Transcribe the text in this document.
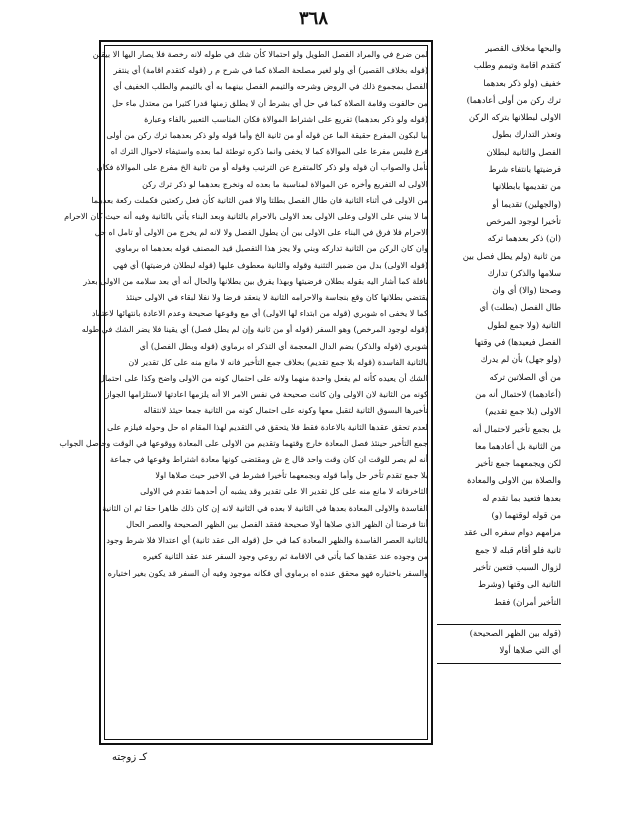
٣٦٨
لمن ضرع في والمراد الفصل الطويل ولو احتمالا كأن شك في طوله لانه رخصة فلا يصار اليها الا بيقين
(قوله بخلاف القصير) أي ولو لغير مصلحة الصلاة كما في شرح م ر (قوله كتقدم اقامة) أي ينتفر
الفصل بمجموع ذلك في الروض وشرحه والتيمم الفصل بينهما به أي بالتيمم والطلب الخفيف أي
من حالفوت وقامة الصلاة كما في حل أي بشرط أن لا يطلق زمنها قدرا كثيرا من معتدل ماء حل
(قوله ولو ذكر بعدهما) تفريع على اشتراط الموالاة فكان المناسب التعبير بالفاء وعبارة
بيا لبكون المفرع حقيقة الما عن قوله أو من ثانية الخ وأما قوله ولو ذكر بعدهما ترك ركن من أولى
فرع فليس مفرعا على الموالاة كما لا يخفى وانما ذكره توطئة لما بعده واستيفاء لاحوال الترك اه
تأمل والصواب أن قوله ولو ذكر كالمتفرع عن الترتيب وقوله أو من ثانية الخ مفرع على الموالاة فكان
الاولى له التفريع وأخره عن الموالاة لمناسبة ما بعده له ونخرج بعدهما لو ذكر ترك ركن
من الاولى في أثناء الثانية فان طال الفصل بطلتا والا فمن الثانية كأن فعل ركعتين فكملت ركعة بعدهما
ما لا يبني على الاولى وعلى الاولى بعد الاولى بالاحرام بالثانية وبعد البناء يأتي بالثانية وفيه أنه حيث كان الاحرام
الاحرام فلا فرق في البناء على الاولى بين أن يطول الفصل ولا لانه لم يخرج من الاولى أو تامل اه حل
وان كان الركن من الثانية تداركه وبني ولا يجز هذا التفصيل قيد المصنف قوله بعدهما اه برماوي
(قوله الاولى) بدل من ضمير التثنية وقوله والثانية معطوف عليها (قوله لبطلان فرضيتها) أي فهي
نافلة كما أشار اليه بقوله بطلان فرضيتها وبهذا يفرق بين بطلانها والحال أنه أي بعد سلامه من الاولى بعذر
يقتضي بطلانها كان وقع بنجاسة والاحرامه الثانية لا ينعقد فرضا ولا نفلا لبقاء في الاولى حينئذ
كما لا يخفى اه شوبري (قوله من ابتداء لها الاولى) أي مع وقوعها صحيحة وعدم الاعادة بانتهائها لاعتقاد
(قوله لوجود المرخص) وهو السفر (قوله أو من ثانية وإن لم يطل فصل) أي يقينا فلا يضر الشك في طوله
شوبري (قوله والذكر) بضم الدال المعجمة أي التذكر اه برماوي (قوله وبطل الفصل) أي
بالثانية الفاسدة (قوله بلا جمع تقديم) بخلاف جمع التأخير فانه لا مانع منه على كل تقدير لان
الشك أن يعيده كأنه لم يفعل واحدة منهما ولانه على احتمال كونه من الاولى واضح وكذا على احتمال
كونه من الثانية لان الاولى وان كانت صحيحة في نفس الامر الا أنه يلزمها اعادتها لاستلزامها الجواز
تأخيرها البسوق الثانية لتقبل معها وكونه على احتمال كونه من الثانية جمعا حيئذ لانتقاله
لعدم تحقق عقدها الثانية بالاعادة فقط فلا يتحقق في التقديم لهذا المقام اه حل وحوله فيلزم على
جمع التأخير حينئذ فصل المعادة خارج وقتهما وتقديم من الاولى على المعادة ووقوعها في الوقت وحاصل الجواب
أنه لم يصر للوقت ان كان وقت واحد قال ع ش ومقتضى كونها معادة اشتراط وقوعها في جماعة
بلا جمع تقدم تأخر حل وأما قوله وبجمعهما تأخيرا فشرط في الاخير حيث صلاها اولا
الثاخرفاته لا مانع منه على كل تقدير الا على تقدير وقد يشبه أن أحدهما تقدم في الاولى
الفاسدة والاولى المعادة بعدها في الثانية لا بعده في الثانية لانه إن كان ذلك ظاهرا حقا ثم ان الثانية
أنتا فرضنا أن الظهر الذي صلاها أولا صحيحة ففقد الفصل بين الظهر الصحيحة والعصر الحال
بالثانية العصر الفاسدة والظهر المعادة كما في حل (قوله الى عقد ثانية) أي اعتدالا فلا شرط وجود
من وجوده عند عقدها كما يأتي في الاقامة ثم روعي وجود السفر عند عقد الثانية كغيره
والسفر باختياره فهو محقق عنده اه برماوي أي فكانه موجود وفيه أن السفر قد يكون بغير اختياره
والبحها مخلاف القصير
كتقدم اقامة وتيمم وطلب
خفيف (ولو ذكر بعدهما
ترك ركن من أولى أعادهما)
الاولى لبطلانها بتركه الركن
وتعذر التدارك بطول
الفصل والثانية لبطلان
فرضيتها بانتفاء شرط
من تقديمها بابطلانها
(والجهلين) تقديما أو
تأخيرا لوجود المرخص
(ان) ذكر بعدهما تركه
من ثانية (ولم يطل فصل بين
سلامها والذكر) تدارك
وصحتا (والا) أي وان
طال الفصل (بطلت) أي
الثانية (ولا جمع لطول
الفصل فيعيدها) في وقتها
(ولو جهل) بأن لم يدرك
من أي الصلاتين تركه
(أعادهما) لاحتمال أنه من
الاولى (بلا جمع تقديم)
بل بجمع تأخير لاحتمال أنه
من الثانية بل أعادهما معا
لكن ويجمعهما جمع تأخير
والصلاة بين الاولى والمعادة
بعدها فتعيد بما تقدم له
من قوله لوقتهما (و)
مرامهم دوام سفره الى عقد
ثانية فلو أقام قبله لا جمع
لزوال السبب فتعين تأخير
الثانية الى وقتها (وشرط
التأخير أمران) فقط
(قوله بين الظهر الصحيحة)
أي التي صلاها أولا
كـ زوجته
